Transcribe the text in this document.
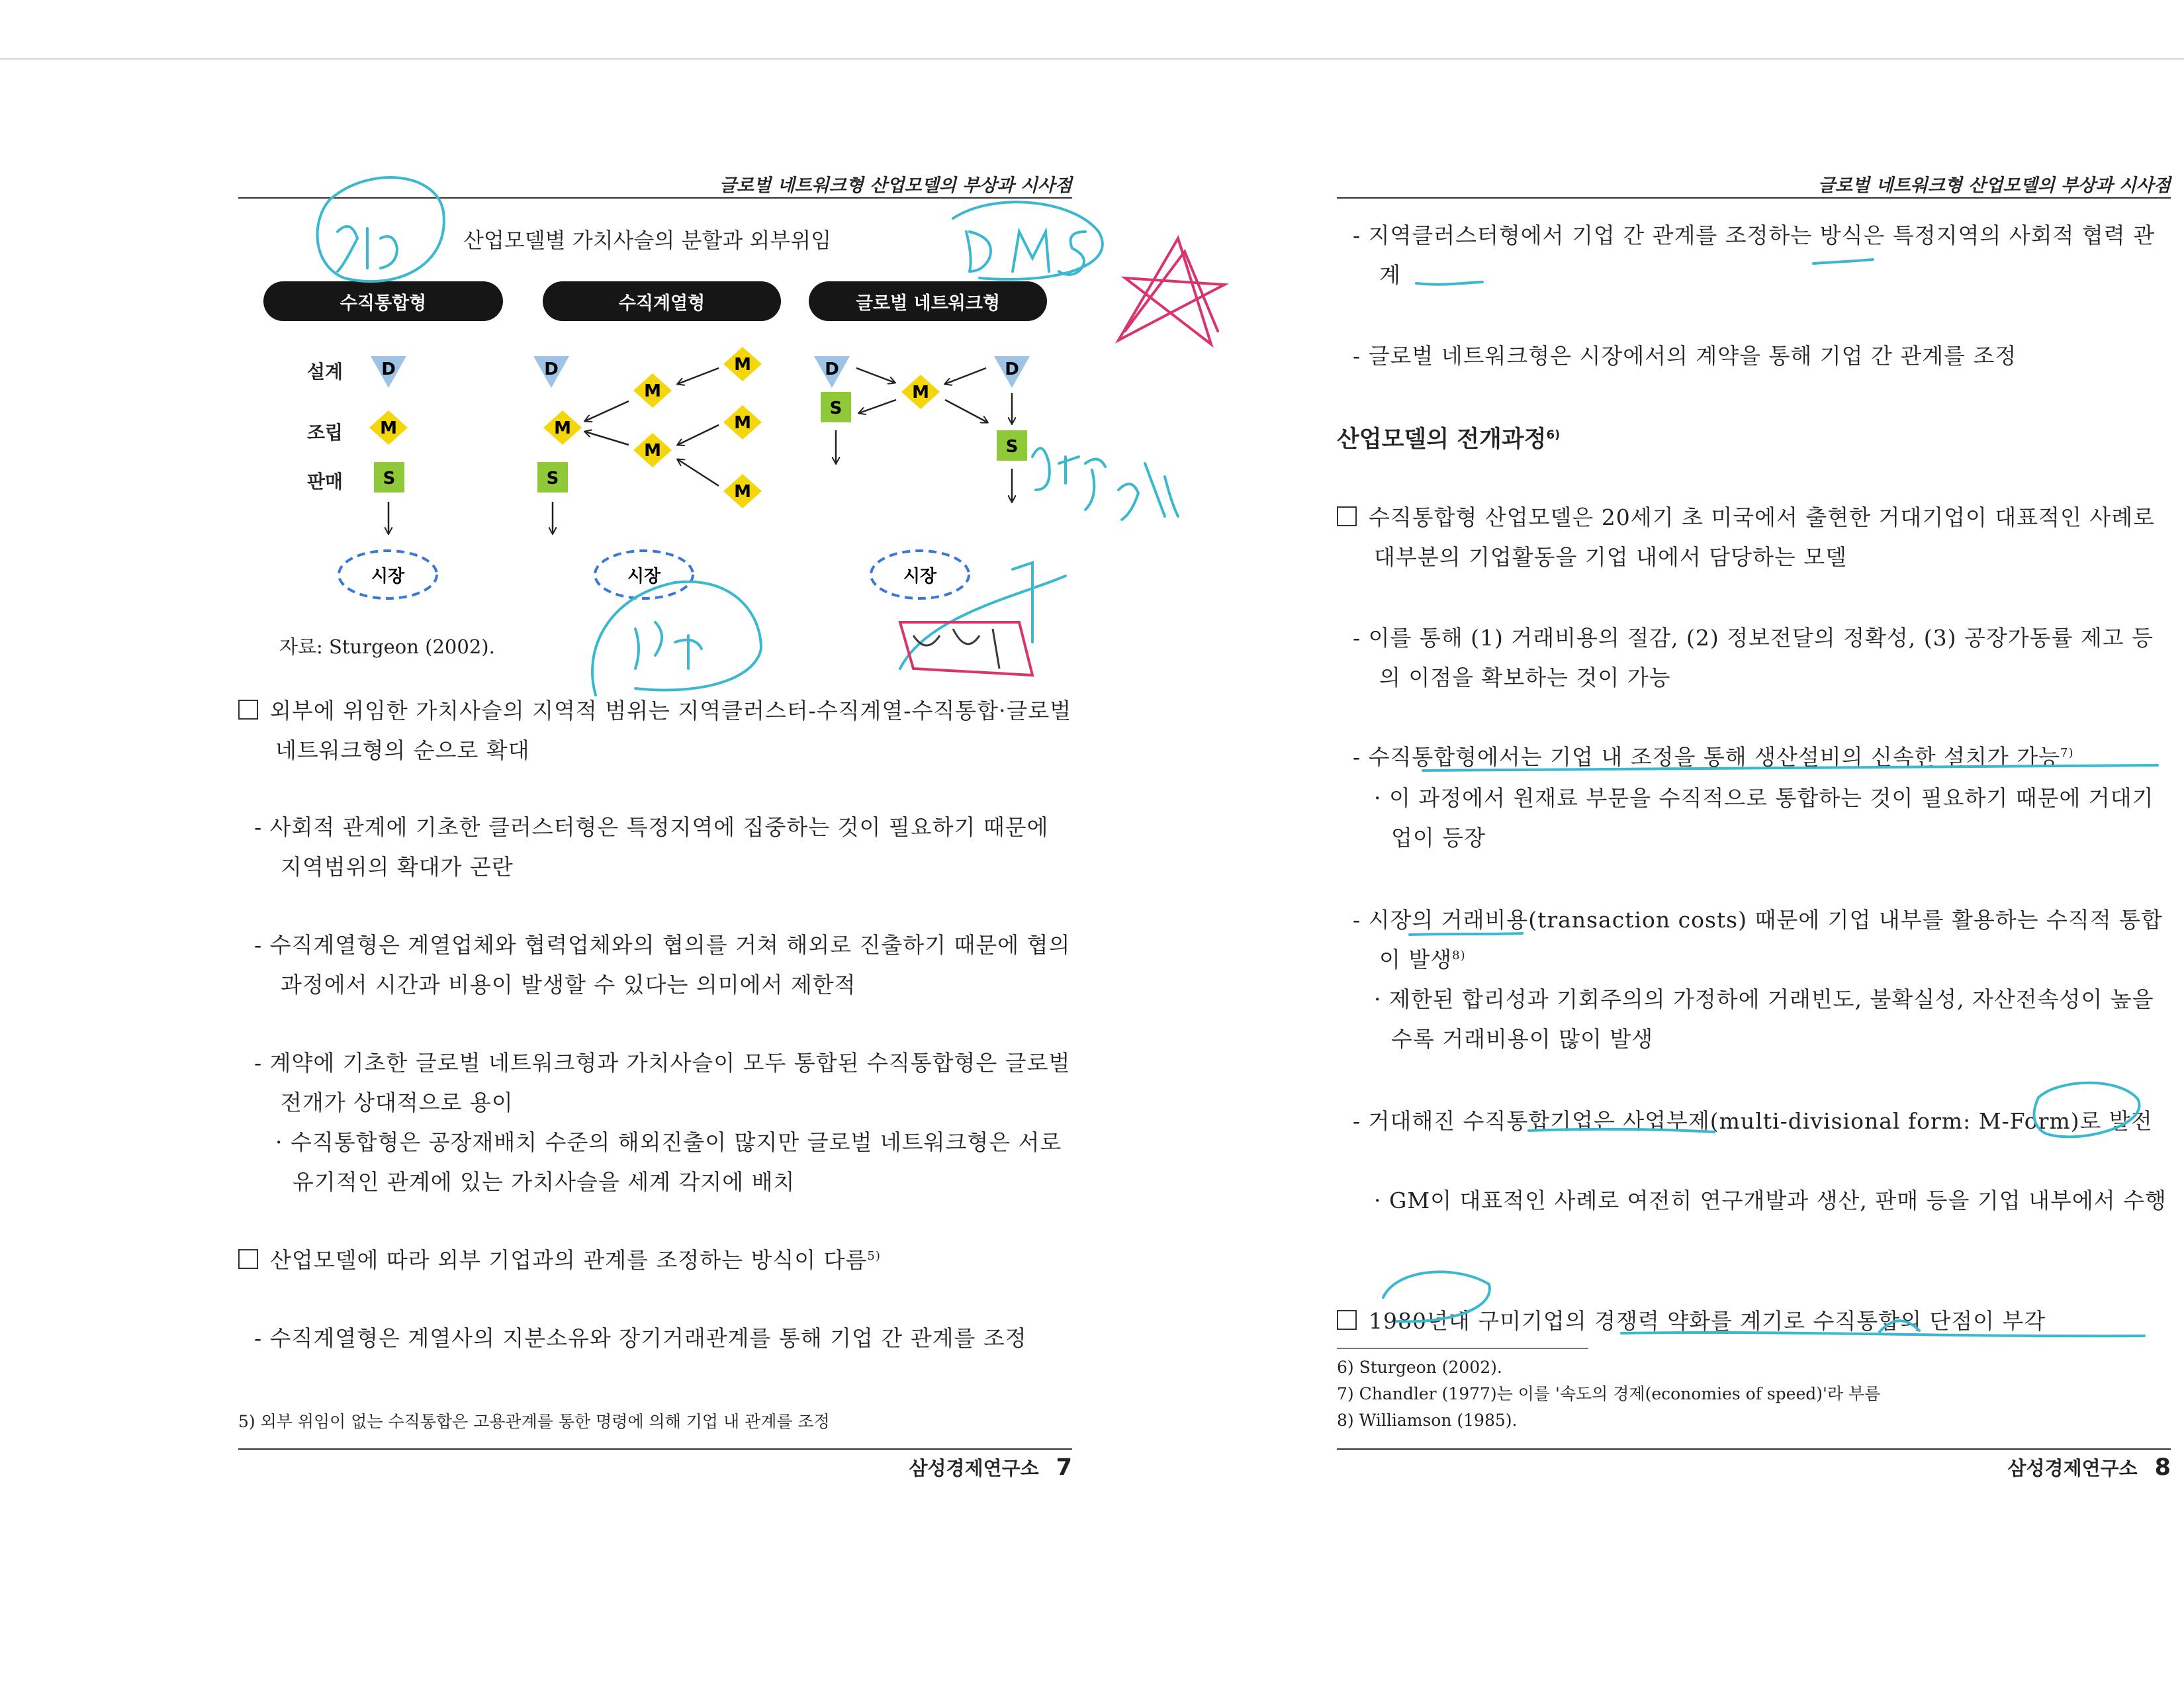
글로벌 네트워크형 산업모델의 부상과 시사점
산업모델별 가치사슬의 분할과 외부위임
수직통합형	수직계열형	글로벌 네트워크형
설계
조립
판매
D
M
S
시장
D
M
M
M
M
M
M
S
시장
D	D
M
S
S
시장
자료: Sturgeon (2002).
외부에 위임한 가치사슬의 지역적 범위는 지역클러스터-수직계열-수직통합·글로벌 네트워크형의 순으로 확대
- 사회적 관계에 기초한 클러스터형은 특정지역에 집중하는 것이 필요하기 때문에 지역범위의 확대가 곤란
- 수직계열형은 계열업체와 협력업체와의 협의를 거쳐 해외로 진출하기 때문에 협의과정에서 시간과 비용이 발생할 수 있다는 의미에서 제한적
- 계약에 기초한 글로벌 네트워크형과 가치사슬이 모두 통합된 수직통합형은 글로벌 전개가 상대적으로 용이
· 수직통합형은 공장재배치 수준의 해외진출이 많지만 글로벌 네트워크형은 서로 유기적인 관계에 있는 가치사슬을 세계 각지에 배치
산업모델에 따라 외부 기업과의 관계를 조정하는 방식이 다름$^{5)}$
- 수직계열형은 계열사의 지분소유와 장기거래관계를 통해 기업 간 관계를 조정
5) 외부 위임이 없는 수직통합은 고용관계를 통한 명령에 의해 기업 내 관계를 조정
삼성경제연구소 7
글로벌 네트워크형 산업모델의 부상과 시사점
- 지역클러스터형에서 기업 간 관계를 조정하는 방식은 특정지역의 사회적 협력 관계
- 글로벌 네트워크형은 시장에서의 계약을 통해 기업 간 관계를 조정
산업모델의 전개과정$^{6)}$
수직통합형 산업모델은 20세기 초 미국에서 출현한 거대기업이 대표적인 사례로 대부분의 기업활동을 기업 내에서 담당하는 모델
- 이를 통해 (1) 거래비용의 절감, (2) 정보전달의 정확성, (3) 공장가동률 제고 등의 이점을 확보하는 것이 가능
- 수직통합형에서는 기업 내 조정을 통해 생산설비의 신속한 설치가 가능$^{7)}$
· 이 과정에서 원재료 부문을 수직적으로 통합하는 것이 필요하기 때문에 거대기업이 등장
- 시장의 거래비용(transaction costs) 때문에 기업 내부를 활용하는 수직적 통합이 발생$^{8)}$
· 제한된 합리성과 기회주의의 가정하에 거래빈도, 불확실성, 자산전속성이 높을수록 거래비용이 많이 발생
- 거대해진 수직통합기업은 사업부제(multi-divisional form: M-Form)로 발전
· GM이 대표적인 사례로 여전히 연구개발과 생산, 판매 등을 기업 내부에서 수행
1980년대 구미기업의 경쟁력 약화를 계기로 수직통합의 단점이 부각
6) Sturgeon (2002).
7) Chandler (1977)는 이를 '속도의 경제(economies of speed)'라 부름
8) Williamson (1985).
삼성경제연구소 8
